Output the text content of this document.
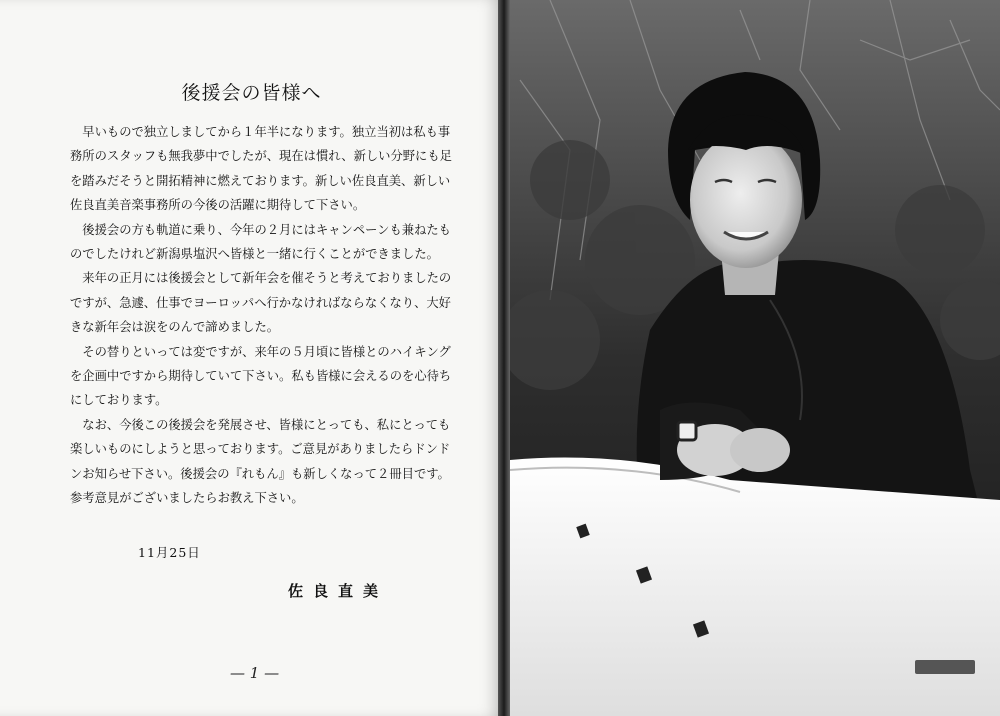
後援会の皆様へ

早いもので独立しましてから１年半になります。独立当初は私も事務所のスタッフも無我夢中でしたが、現在は慣れ、新しい分野にも足を踏みだそうと開拓精神に燃えております。新しい佐良直美、新しい佐良直美音楽事務所の今後の活躍に期待して下さい。

後援会の方も軌道に乗り、今年の２月にはキャンペーンも兼ねたものでしたけれど新潟県塩沢へ皆様と一緒に行くことができました。

来年の正月には後援会として新年会を催そうと考えておりましたのですが、急遽、仕事でヨーロッパへ行かなければならなくなり、大好きな新年会は涙をのんで諦めました。

その替りといっては変ですが、来年の５月頃に皆様とのハイキングを企画中ですから期待していて下さい。私も皆様に会えるのを心待ちにしております。

なお、今後この後援会を発展させ、皆様にとっても、私にとっても楽しいものにしようと思っております。ご意見がありましたらドンドンお知らせ下さい。後援会の『れもん』も新しくなって２冊目です。参考意見がございましたらお教え下さい。

11月25日
佐良直美
— 1 —
